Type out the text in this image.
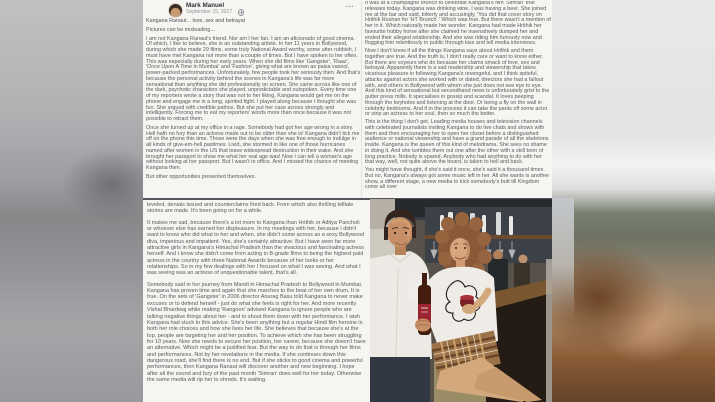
Mark Manuel
September 15, 2017 ·
...

Kangana Ranaut... love, sex and betrayal

Pictures can be misleading...

I am not Kangana Ranaut's friend. Nor am I her fan. I am an aficionado of good cinema. Of which, I like to believe, she is an outstanding artiste. In her 11 years in Bollywood, during which she made 29 films, some truly National Award worthy, some utter rubbish, I must have met Kangana not more than a couple of times. But I have spoken to her often. This was especially during her early years. When she did films like 'Gangster', 'Raaz', 'Once Upon A Time in Mumbai' and 'Fashion', giving what are known as paisa vasool, power-packed performances. Unfortunately, few people took her seriously then. And that's because the personal activity behind the scenes in Kangana's life was far more sensational than anything she did professionally on screen. She came across like one of the dark, psychotic characters she played, unpredictable and outspoken. Every time one of my reporters wrote a story that was not to her liking, Kangana would get me on the phone and engage me in a long, spirited fight. I played along because I thought she was fun. She argued with credible pathos. But she put her case across strongly and intelligently. Forcing me to eat my reporters' words more than once because it was not possible to retract them.

Once she turned up at my office in a rage. Somebody had got her age wrong in a story. Hell hath no fury than an actress made out to be older than she is! Kangana didn't tick me off on the phone this time. Those were the days when she was free enough to indulge in all kinds of give-em-hell pastimes. Livid, she stormed in like one of those hurricanes named after women in the US that leave widespread destruction in their wake. And she brought her passport to show me what her real age was! Now I can tell a woman's age without looking at her passport. But I wasn't in office. And I missed the chance of meeting Kangana then.

But other opportunities presented themselves.

It was at a champagne brunch to celebrate Kangana's film 'Simran' that releases today. Kangana was drinking wine, I was having a beer. She joined me at the bar and said, bitterly and accusingly, 'You did that cover story on Hrithik Roshan for 'HT Brunch'.' Which was true. But there wasn't a mention of her in it. Which naturally made her wonder. Kangana had made Hrithik her favourite hobby horse after she claimed he insensitively dumped her and ended their alleged relationship. And she was riding him furiously now and flogging him relentlessly in public through kiss and tell media interviews.

Now I don't know if all the things Kangana says about Hrithik and them together are true. And the truth is, I don't really care or want to know either. But there are voyeurs who do because her claims smack of love, sex and betrayal. Apparently there is a sad readership and viewership that takes vicarious pleasure in following Kangana's revengeful, and I think spiteful, attacks against actors she worked with or dated, directors she had a fallout with, and others in Bollywood with whom she just does not see eye to eye. And this kind of sensational but secondhand news is unfortunately grist to the gutter press mills. It specialises in gossip and scandal. It loves peeping through the keyholes and listening at the door. Or being a fly on the wall in celebrity bedrooms. And if in the process it can take the pants off some actor or strip an actress to her soul, then so much the better.

This is the thing I don't get. Leading media houses and television channels with celebrated journalists inviting Kangana to do live chats and shows with them and then encouraging her to open her closet before a distinguished audience or national viewership and have a grand parade of all the skeletons inside. Kangana is the queen of this kind of melodrama. She sees no shame in doing it. And she tumbles them out one after the other with a skill born of long practice. Nobody is spared. Anybody who had anything to do with her that way, well, not quite above the board, is taken to hell and back.

You might have thought, if she's said it once, she's said it a thousand times. But no, Kangana's always got some music left in her. All she wants is another show, a different stage, a new media to kick somebody's butt till Kingdom come all over

leveled, denials issued and counterclaims fired back. From which also thrilling telltale stories are made. It's been going on for a while.

It makes me sad, because there's a lot more to Kangana than Hrithik or Aditya Pancholi or whoever else has earned her displeasure. In my meetings with her, because I didn't want to know who did what to her and when, she didn't come across as a sexy Bollywood diva, imperious and impatient. Yes, she's certainly attractive. But I have seen far more attractive girls in Kangana's Himachal Pradesh than the vivacious and fascinating actress herself. And I know she didn't come from acting in B-grade films to being the highest paid actress in the country with three National Awards because of her looks or her relationships. So in my few dealings with her I focused on what I was seeing. And what I was seeing was an actress of unquestionable talent, that's all.

Somebody said in her journey from Mandi in Himachal Pradesh to Bollywood in Mumbai, Kangana has proven time and again that she marches to the beat of her own drum. It is true. On the sets of 'Gangster' in 2006 director Anurag Basu told Kangana to never make excuses or to defend herself - just do what she feels is right for her. And more recently Vishal Bhardwaj while making 'Rangoon' advised Kangana to ignore people who are talking negative things about her - and to shout them down with her performance. I wish Kangana had stuck to this advice. She's been anything but a regular Hindi film heroine in both her role choices and how she lives her life. She believes that because she's at the top, people are targeting her and her position. To achieve which she has been struggling for 10 years. Now she needs to secure her position, her career, because she doesn't have an alternative. Which might be a justified fear. But the way to do that is through her films and performances. Not by her revelations in the media. If she continues down this dangerous road, she'll find there is no end. But if she sticks to good cinema and powerful performances, then Kangana Ranaut will discover another and new beginning. I hope after all the sound and fury of the past month 'Simran' does well for her today. Otherwise the same media will rip her to shreds. It's waiting.
